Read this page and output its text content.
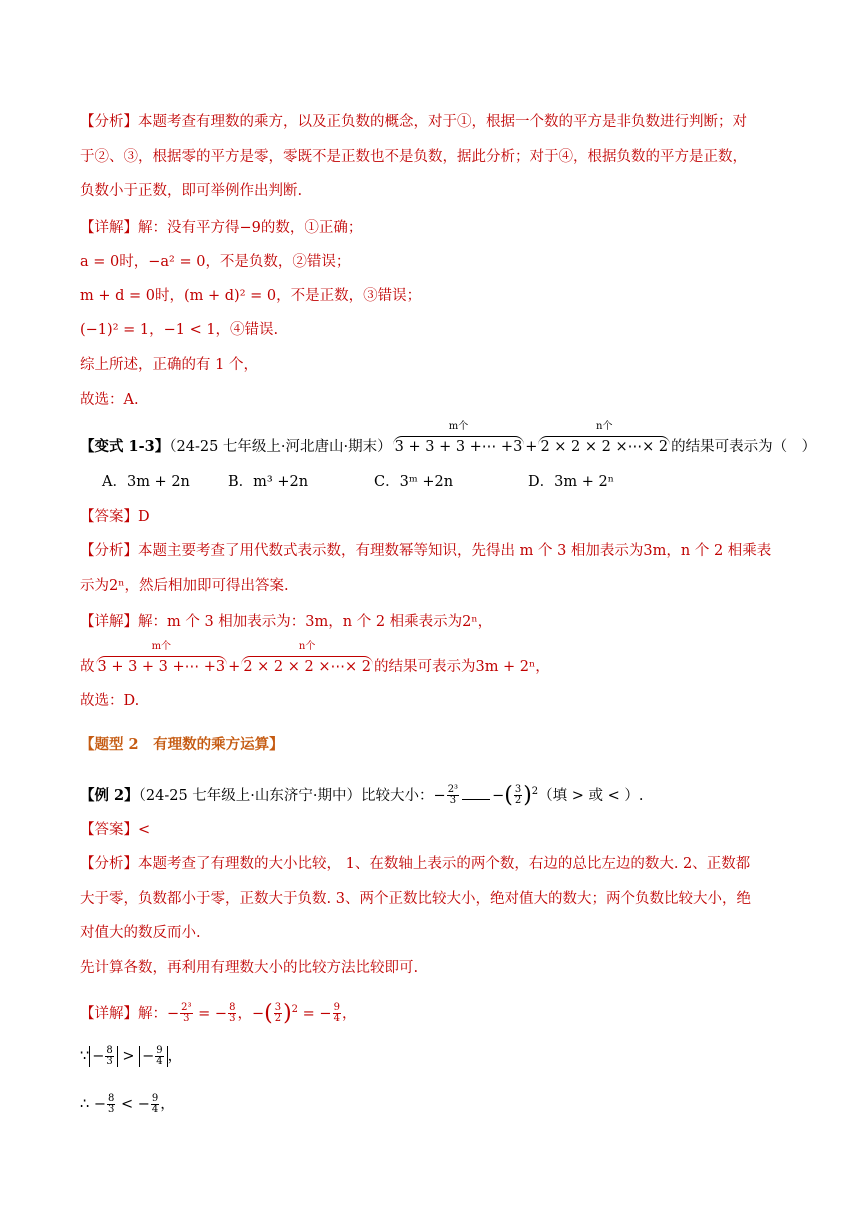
【分析】本题考查有理数的乘方，以及正负数的概念，对于①，根据一个数的平方是非负数进行判断；对
于②、③，根据零的平方是零，零既不是正数也不是负数，据此分析；对于④，根据负数的平方是正数，
负数小于正数，即可举例作出判断.
【详解】解：没有平方得−9的数，①正确；
a = 0时，−a² = 0，不是负数，②错误；
m + d = 0时，(m + d)² = 0，不是正数，③错误；
(−1)² = 1，−1 < 1，④错误.
综上所述，正确的有 1 个，
故选：A.
【变式 1-3】（24-25 七年级上·河北唐山·期末）
m个
3 + 3 + 3 +⋯ +3 +
n个
2 × 2 × 2 ×⋯× 2 的结果可表示为（　）
A．3m + 2n	B．m³ +2n	C．3ᵐ +2n	D．3m + 2ⁿ
【答案】D
【分析】本题主要考查了用代数式表示数，有理数幂等知识，先得出 m 个 3 相加表示为3m，n 个 2 相乘表
示为2ⁿ，然后相加即可得出答案.
【详解】解：m 个 3 相加表示为：3m，n 个 2 相乘表示为2ⁿ，
故
m个
3 + 3 + 3 +⋯ +3 +
n个
2 × 2 × 2 ×⋯× 2 的结果可表示为3m + 2ⁿ，
故选：D.
【题型 2　有理数的乘方运算】
【例 2】（24-25 七年级上·山东济宁·期中）比较大小：− $\frac{\text{2³}}{3}$ −( $\frac{3}{2} )^2$（填 > 或 < ）.
【答案】<
【分析】本题考查了有理数的大小比较， 1、在数轴上表示的两个数，右边的总比左边的数大. 2、正数都
大于零，负数都小于零，正数大于负数. 3、两个正数比较大小，绝对值大的数大；两个负数比较大小，绝
对值大的数反而小.
先计算各数，再利用有理数大小的比较方法比较即可.
【详解】解：− $\frac{\text{2³}}{3}$ = − $\frac{8}{3}$ ，−( $\frac{3}{2} )^2$ = − $\frac{9}{4}$ ，
∵ − $\frac{8}{3}$ > − $\frac{9}{4}$ ，
∴ − $\frac{8}{3}$ < − $\frac{9}{4}$ ，
